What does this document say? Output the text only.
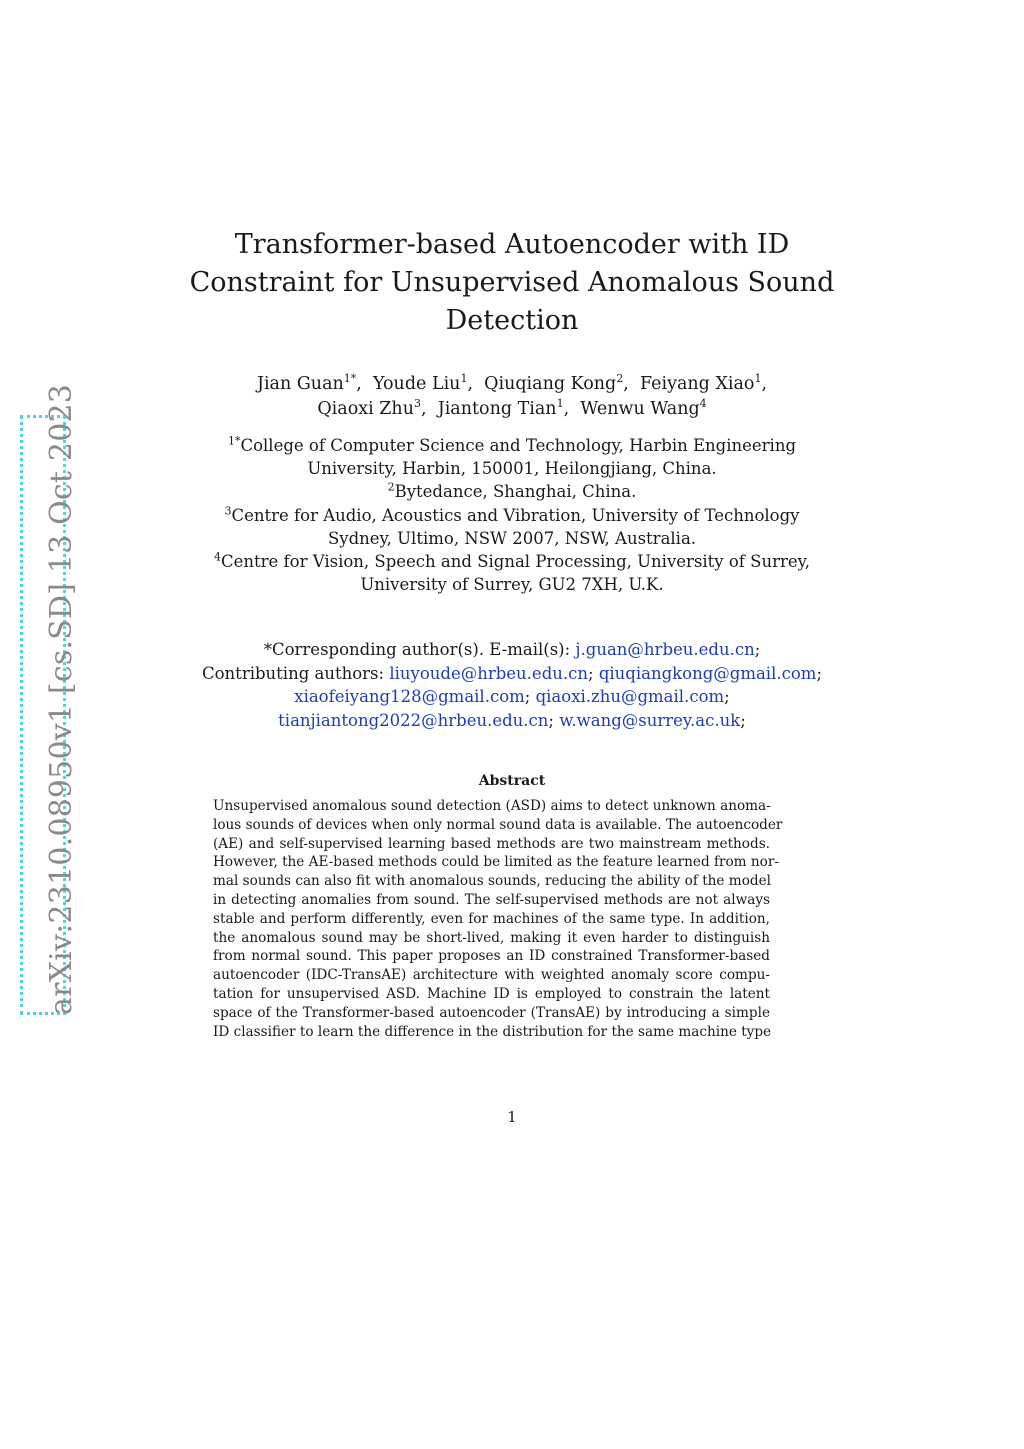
arXiv:2310.08950v1 [cs.SD] 13 Oct 2023
Transformer-based Autoencoder with ID
Constraint for Unsupervised Anomalous Sound
Detection
Jian Guan$^{1*}$,  Youde Liu$^1$,  Qiuqiang Kong$^2$,  Feiyang Xiao$^1$,
Qiaoxi Zhu$^3$,  Jiantong Tian$^1$,  Wenwu Wang$^4$
$^{1*}$College of Computer Science and Technology, Harbin Engineering
University, Harbin, 150001, Heilongjiang, China.
$^2$Bytedance, Shanghai, China.
$^3$Centre for Audio, Acoustics and Vibration, University of Technology
Sydney, Ultimo, NSW 2007, NSW, Australia.
$^4$Centre for Vision, Speech and Signal Processing, University of Surrey,
University of Surrey, GU2 7XH, U.K.
*Corresponding author(s). E-mail(s): j.guan@hrbeu.edu.cn;
Contributing authors: liuyoude@hrbeu.edu.cn; qiuqiangkong@gmail.com;
xiaofeiyang128@gmail.com; qiaoxi.zhu@gmail.com;
tianjiantong2022@hrbeu.edu.cn; w.wang@surrey.ac.uk;
Abstract
Unsupervised anomalous sound detection (ASD) aims to detect unknown anoma-
lous sounds of devices when only normal sound data is available. The autoencoder
(AE) and self-supervised learning based methods are two mainstream methods.
However, the AE-based methods could be limited as the feature learned from nor-
mal sounds can also fit with anomalous sounds, reducing the ability of the model
in detecting anomalies from sound. The self-supervised methods are not always
stable and perform differently, even for machines of the same type. In addition,
the anomalous sound may be short-lived, making it even harder to distinguish
from normal sound. This paper proposes an ID constrained Transformer-based
autoencoder (IDC-TransAE) architecture with weighted anomaly score compu-
tation for unsupervised ASD. Machine ID is employed to constrain the latent
space of the Transformer-based autoencoder (TransAE) by introducing a simple
ID classifier to learn the difference in the distribution for the same machine type
1
